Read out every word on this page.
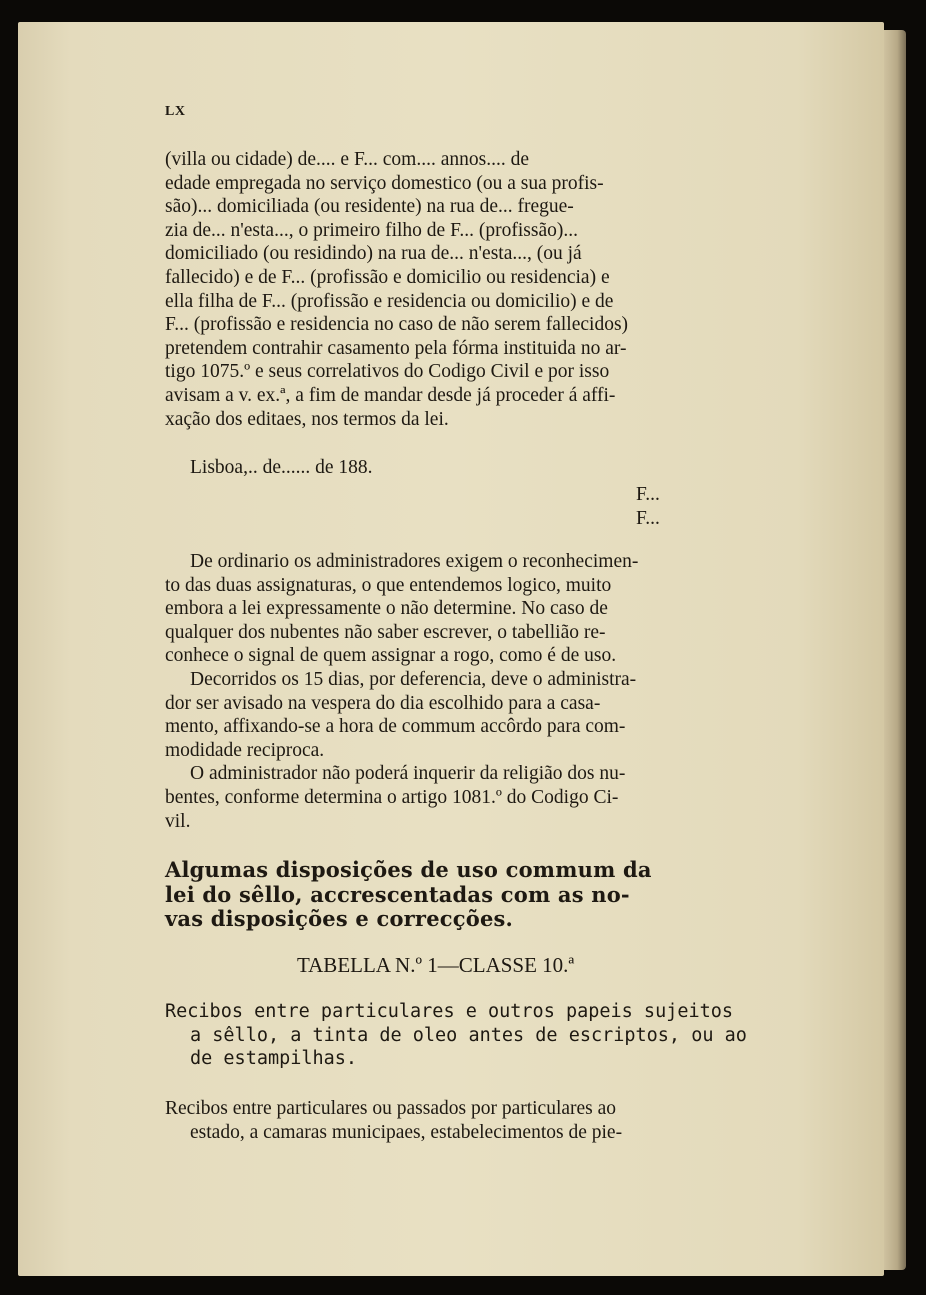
LX
(villa ou cidade) de.... e F... com.... annos.... de
edade empregada no serviço domestico (ou a sua profis-
são)... domiciliada (ou residente) na rua de... fregue-
zia de... n'esta..., o primeiro filho de F... (profissão)...
domiciliado (ou residindo) na rua de... n'esta..., (ou já
fallecido) e de F... (profissão e domicilio ou residencia) e
ella filha de F... (profissão e residencia ou domicilio) e de
F... (profissão e residencia no caso de não serem fallecidos)
pretendem contrahir casamento pela fórma instituida no ar-
tigo 1075.º e seus correlativos do Codigo Civil e por isso
avisam a v. ex.ª, a fim de mandar desde já proceder á affi-
xação dos editaes, nos termos da lei.
Lisboa,.. de...... de 188.
F...
F...
De ordinario os administradores exigem o reconhecimen-
to das duas assignaturas, o que entendemos logico, muito
embora a lei expressamente o não determine. No caso de
qualquer dos nubentes não saber escrever, o tabellião re-
conhece o signal de quem assignar a rogo, como é de uso.
Decorridos os 15 dias, por deferencia, deve o administra-
dor ser avisado na vespera do dia escolhido para a casa-
mento, affixando-se a hora de commum accôrdo para com-
modidade reciproca.
O administrador não poderá inquerir da religião dos nu-
bentes, conforme determina o artigo 1081.º do Codigo Ci-
vil.
Algumas disposições de uso commum da
lei do sêllo, accrescentadas com as no-
vas disposições e correcções.
TABELLA N.º 1—CLASSE 10.ª
Recibos entre particulares e outros papeis sujeitos
a sêllo, a tinta de oleo antes de escriptos, ou ao
de estampilhas.
Recibos entre particulares ou passados por particulares ao
estado, a camaras municipaes, estabelecimentos de pie-
